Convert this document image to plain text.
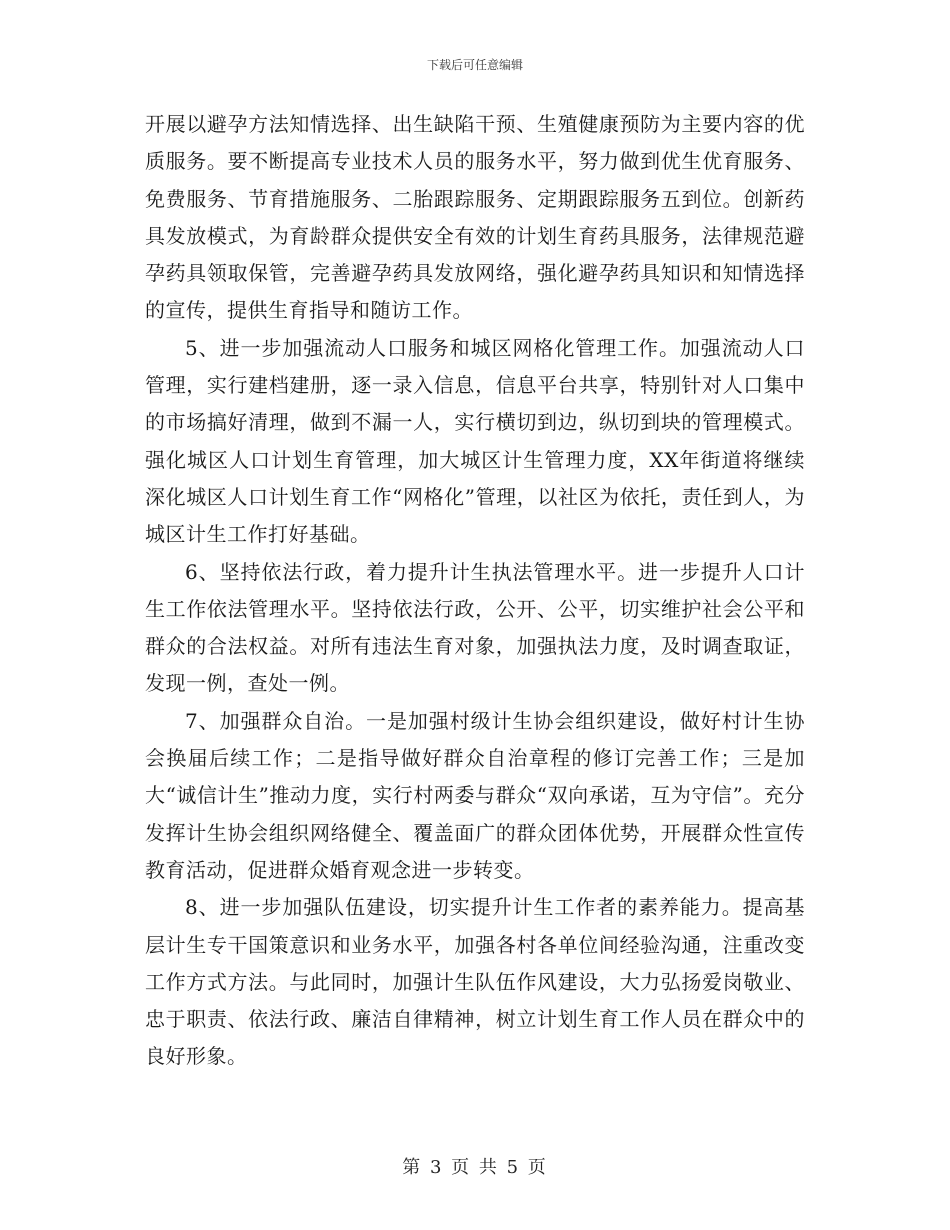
下载后可任意编辑

开展以避孕方法知情选择、出生缺陷干预、生殖健康预防为主要内容的优质服务。要不断提高专业技术人员的服务水平，努力做到优生优育服务、免费服务、节育措施服务、二胎跟踪服务、定期跟踪服务五到位。创新药具发放模式，为育龄群众提供安全有效的计划生育药具服务，法律规范避孕药具领取保管，完善避孕药具发放网络，强化避孕药具知识和知情选择的宣传，提供生育指导和随访工作。

5、进一步加强流动人口服务和城区网格化管理工作。加强流动人口管理，实行建档建册，逐一录入信息，信息平台共享，特别针对人口集中的市场搞好清理，做到不漏一人，实行横切到边，纵切到块的管理模式。强化城区人口计划生育管理，加大城区计生管理力度，XX年街道将继续深化城区人口计划生育工作“网格化”管理，以社区为依托，责任到人，为城区计生工作打好基础。

6、坚持依法行政，着力提升计生执法管理水平。进一步提升人口计生工作依法管理水平。坚持依法行政，公开、公平，切实维护社会公平和群众的合法权益。对所有违法生育对象，加强执法力度，及时调查取证，发现一例，查处一例。

7、加强群众自治。一是加强村级计生协会组织建设，做好村计生协会换届后续工作；二是指导做好群众自治章程的修订完善工作；三是加大“诚信计生”推动力度，实行村两委与群众“双向承诺，互为守信”。充分发挥计生协会组织网络健全、覆盖面广的群众团体优势，开展群众性宣传教育活动，促进群众婚育观念进一步转变。

8、进一步加强队伍建设，切实提升计生工作者的素养能力。提高基层计生专干国策意识和业务水平，加强各村各单位间经验沟通，注重改变工作方式方法。与此同时，加强计生队伍作风建设，大力弘扬爱岗敬业、忠于职责、依法行政、廉洁自律精神，树立计划生育工作人员在群众中的良好形象。

第 3 页 共 5 页
